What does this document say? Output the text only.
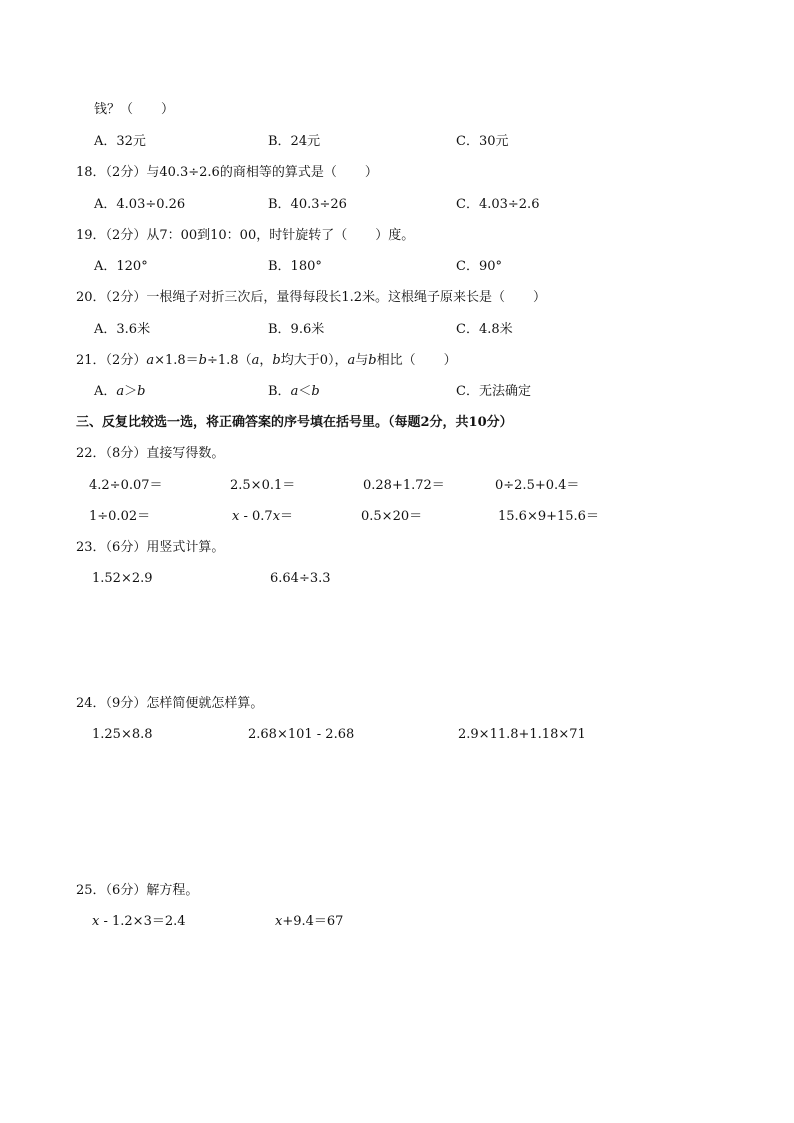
钱？（ ）
A．32元	B．24元	C．30元
18．（2分）与40.3÷2.6的商相等的算式是（ ）
A．4.03÷0.26	B．40.3÷26	C．4.03÷2.6
19．（2分）从7：00到10：00，时针旋转了（ ）度。
A．120°	B．180°	C．90°
20．（2分）一根绳子对折三次后，量得每段长1.2米。这根绳子原来长是（ ）
A．3.6米	B．9.6米	C．4.8米
21．（2分）a×1.8＝b÷1.8（a，b均大于0），a与b相比（ ）
A．a＞b	B．a＜b	C．无法确定
三、反复比较选一选，将正确答案的序号填在括号里。（每题2分，共10分）
22．（8分）直接写得数。
4.2÷0.07＝	2.5×0.1＝	0.28+1.72＝	0÷2.5+0.4＝
1÷0.02＝	x - 0.7x＝	0.5×20＝	15.6×9+15.6＝
23．（6分）用竖式计算。
1.52×2.9	6.64÷3.3
24．（9分）怎样简便就怎样算。
1.25×8.8	2.68×101 - 2.68	2.9×11.8+1.18×71
25．（6分）解方程。
x - 1.2×3＝2.4	x+9.4＝67
